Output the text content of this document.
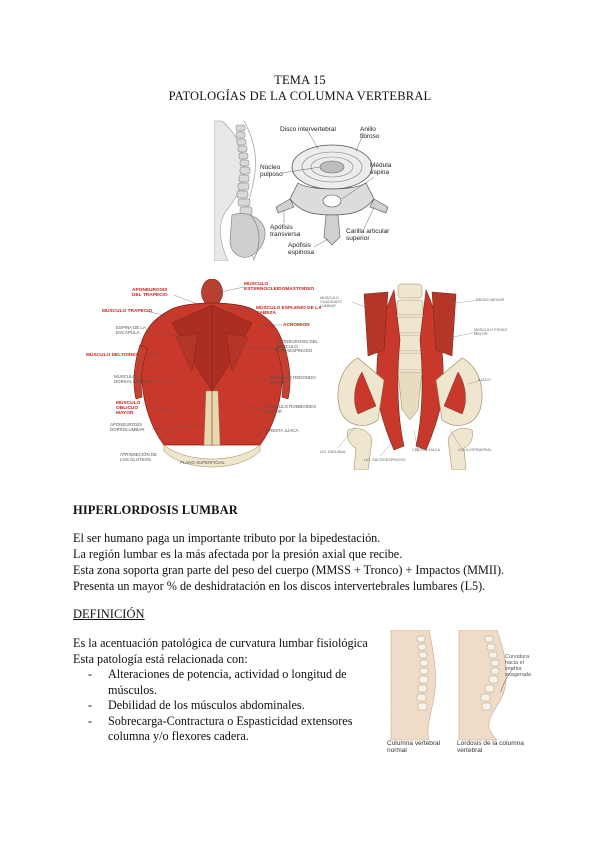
TEMA 15
PATOLOGÍAS DE LA COLUMNA VERTEBRAL
Disco intervertebral	Anillo fibroso
Núcleo pulposo
Médula espina
Apófisis transversa	Carilla articular superior
Apófisis espinosa
APONEUROSIS DEL TRAPECIO
MÚSCULO ESTERNOCLEIDOMASTOIDEO
MÚSCULO TRAPECIO
MÚSCULO ESPLENIO DE LA CABEZA
ESPINA DE LA ESCÁPULA
ACROMION
MÚSCULO DELTOIDES
APONEUROSIS DEL MÚSCULO INFRAESPINOSO
MÚSCULO DORSAL ANCHO
MÚSCULO REDONDO MAYOR
MÚSCULO OBLICUO MAYOR
MÚSCULO ROMBOIDES MAYOR
APONEUROSIS DORSOLUMBAR	CRESTA ILÍACA
ATRINSECIÓN DE LOS GLÚTEOS
PLANO SUPERFICIAL
MÚSCULO CUADRADO LUMBAR
PSOAS MENOR
MÚSCULO PSOAS MAYOR
ILÍACO
LIG. INGUINAL
LIG. SACROESPINOSO
CRESTA ILÍACA	LIG. ILIOFEMORAL
HIPERLORDOSIS LUMBAR
El ser humano paga un importante tributo por la bipedestación.
La región lumbar es la más afectada por la presión axial que recibe.
Esta zona soporta gran parte del peso del cuerpo (MMSS + Tronco) + Impactos (MMII).
Presenta un mayor % de deshidratación en los discos intervertebrales lumbares (L5).
DEFINICIÓN
Es la acentuación patológica de curvatura lumbar fisiológica
Esta patología está relacionada con:
- Alteraciones de potencia, actividad o longitud de músculos.
- Debilidad de los músculos abdominales.
- Sobrecarga-Contractura o Espasticidad extensores columna y/o flexores cadera.
Columna vertebral normal
Lordosis de la columna vertebral
Curvatura hacia el interior exagerada
